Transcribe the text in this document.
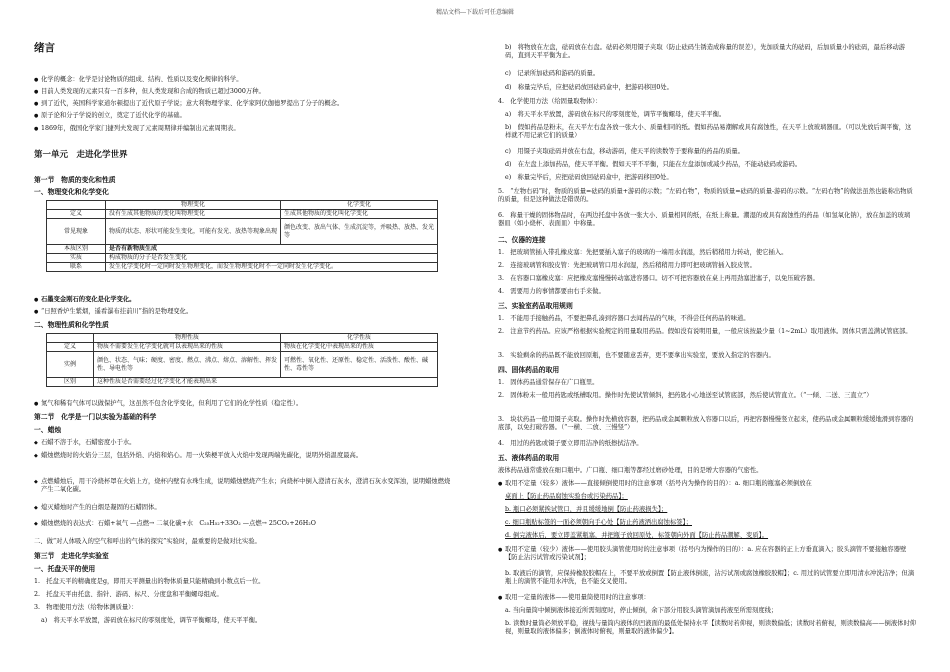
精品文档---下载后可任意编辑
绪言
● 化学的概念：化学是讨论物质的组成、结构、性质以及变化规律的科学。
● 目前人类发现的元素只有一百多种，但人类发现和合成的物质已超过3000万种。
● 到了近代，英国科学家道尔顿提出了近代原子学说；意大利物理学家、化学家阿伏伽德罗提出了分子的概念。
● 原子论和分子学说的创立，奠定了近代化学的基础。
● 1869年，俄国化学家门捷列夫发现了元素周期律并编制出元素周期表。
第一单元　走进化学世界
第一节　物质的变化和性质
一、物理变化和化学变化
	物理变化	化学变化
定义	没有生成其他物质的变化叫物理变化	生成其他物质的变化叫化学变化
常见现象	物质的状态、形状可能发生变化，可能有发光、放热等现象出现	颜色改变、放出气体、生成沉淀等，并吸热、放热、发光等
本质区别	是否有新物质生成	
实质	构成物质的分子是否发生变化	
联系	发生化学变化时一定同时发生物理变化，而发生物理变化时不一定同时发生化学变化。	
● 石墨变金刚石的变化是化学变化。
● “日照香炉生紫烟，遥看瀑布挂前川”指的是物理变化。
二、物理性质和化学性质
	物理性质	化学性质
定义	物质不需要发生化学变化就可以表现出来的性质	物质在化学变化中表现出来的性质
实例	颜色、状态、气味；硬度、密度、燃点、沸点、熔点、溶解性、挥发性、导电性等	可燃性、氧化性、还原性、稳定性、活泼性、酸性、碱性、毒性等
区别	这种性质是否需要经过化学变化才能表现出来	
● 氮气和稀有气体可以做保护气，这虽然不包含化学变化，但利用了它们的化学性质（稳定性）。
第二节　化学是一门以实验为基础的科学
一、蜡烛
◆ 石蜡不溶于水，石蜡密度小于水。
◆ 蜡烛燃烧时的火焰分三层，包括外焰、内焰和焰心。用一火柴梗平放入火焰中发现两端先碳化，说明外焰温度最高。
◆ 点燃蜡烛后，用干冷烧杯罩在火焰上方，烧杯内壁有水珠生成，说明蜡烛燃烧产生水；向烧杯中倒入澄清石灰水，澄清石灰水变浑浊，说明蜡烛燃烧产生二氧化碳。
◆ 熄灭蜡烛时产生的白烟是凝固的石蜡固体。
◆ 蜡烛燃烧的表达式：石蜡+氧气 —点燃→ 二氧化碳+水　C₂₅H₅₂+33O₂ —点燃→ 25CO₂+26H₂O
二、做“对人体吸入的空气和呼出的气体的探究”实验时，最重要的是做对比实验。
第三节　走进化学实验室
一、托盘天平的使用
1.　托盘天平的精确度是g，即用天平测量出的物体质量只能精确到小数点后一位。
2.　托盘天平由托盘、指针、游码、标尺、分度盘和平衡螺母组成。
3.　物理使用方法（给物体测质量）：
a)　将天平水平放置，游码放在标尺的零刻度处，调节平衡螺母，使天平平衡。
b)　将物放在左盘，砝码放在右盘。砝码必须用镊子夹取（防止砝码生锈造成称量的误差），先加质量大的砝码，后加质量小的砝码，最后移动游码，直到天平平衡为止。
c)　记录所加砝码和游码的质量。
d)　称量完毕后，应把砝码放回砝码盒中，把游码移回0处。
4.　化学使用方法（给固量取物体）：
a)　将天平水平放置，游码放在标尺的零刻度处，调节平衡螺母，使天平平衡。
b)　假如药品是粉末，在天平左右盘各放一张大小、质量相同的纸。假如药品易潮解或具有腐蚀性，在天平上放玻璃器皿。（可以先放后调平衡，这样就不用记录它们的质量）
c)　用镊子夹取砝码并放在右盘，移动游码，使天平的读数等于要称量的药品的质量。
d)　在左盘上添加药品，使天平平衡。假如天平不平衡，只能在左盘添加或减少药品，不能动砝码或游码。
e)　称量完毕后，应把砝码放回砝码盒中，把游码移回0处。
5.　“左物右码”时，物质的质量=砝码的质量+游码的示数；“左码右物”，物质的质量=砝码的质量-游码的示数。“左码右物”的做法虽然也能称出物质的质量，但是这种做法是错误的。
6.　称量干燥的固体物品时，在两边托盘中各放一张大小、质量相同的纸，在纸上称量。潮湿的或具有腐蚀性的药品（如氢氧化钠），放在加盖的玻璃器皿（如小烧杯、表面皿）中称量。
二、仪器的连接
1.　把玻璃管插入带孔橡皮塞：先把要插入塞子的玻璃的一端用水润湿，然后稍稍用力转动，使它插入。
2.　连接玻璃管和胶皮管：先把玻璃管口用水润湿，然后稍稍用力即可把玻璃管插入胶皮管。
3.　在容器口塞橡皮塞：应把橡皮塞慢慢转动塞进容器口。切不可把容器放在桌上再用劲塞进塞子，以免压破容器。
4.　需要用力的事情都要由右手来做。
三、实验室药品取用规则
1.　不能用手接触药品，不要把鼻孔凑到容器口去闻药品的气味，不得尝任何药品的味道。
2.　注意节约药品。应该严格根据实验规定的用量取用药品。假如没有说明用量，一般应该按最少量（1~2mL）取用液体。固体只需盖满试管底部。
3.　实验剩余的药品既不能放回原瓶，也不要随意丢弃，更不要拿出实验室，要放入指定的容器内。
四、固体药品的取用
1.　固体药品通常保存在广口瓶里。
2.　固体粉末一般用药匙或纸槽取用。操作时先使试管倾斜，把药匙小心地送至试管底部，然后使试管直立。（“一倾、二送、三直立”）
3.　块状药品一般用镊子夹取。操作时先横放容器，把药品或金属颗粒放入容器口以后，再把容器慢慢竖立起来，使药品或金属颗粒缓缓地滑到容器的底部，以免打破容器。（“一横、二放、三慢竖”）
4.　用过的药匙或镊子要立即用洁净的纸擦拭洁净。
五、液体药品的取用
液体药品通常盛放在细口瓶中。广口瓶、细口瓶等都经过磨砂处理，目的是增大容器的气密性。
● 取用不定量（较多）液体——直接倾倒使用时的注意事项（括号内为操作的目的）：a. 细口瓶的瓶塞必须倒放在
桌面上【防止药品腐蚀实验台或污染药品】；
b. 瓶口必须紧挨试管口，并且缓缓地倒【防止药液损失】；
c. 细口瓶贴标签的一面必须朝向手心处【防止药液洒出腐蚀标签】；
d. 倒完液体后，要立即盖紧瓶塞，并把瓶子放回原处，标签朝向外面【防止药品潮解、变质】。
● 取用不定量（较少）液体——使用胶头滴管使用时的注意事项（括号内为操作的目的）：a. 应在容器的正上方垂直滴入；胶头滴管不要接触容器壁【防止沾污试管或污染试剂】；
b. 取液后的滴管，应保持橡胶胶帽在上，不要平放或倒置【防止液体倒流，沾污试剂或腐蚀橡胶胶帽】；c. 用过的试管要立即用清水冲洗洁净；但滴瓶上的滴管不能用水冲洗，也不能交叉使用。
● 取用一定量的液体——使用量筒使用时的注意事项：
a. 当向量筒中倾倒液体接近所需刻度时，停止倾倒，余下部分用胶头滴管滴加药液至所需刻度线；
b. 读数时量筒必须放平稳，视线与量筒内液体的凹液面的最低处保持水平【读数时若仰视，则读数偏低；读数时若俯视，则读数偏高——倒液体时仰视，则量取的液体偏多；倒液体时俯视，则量取的液体偏少】。
